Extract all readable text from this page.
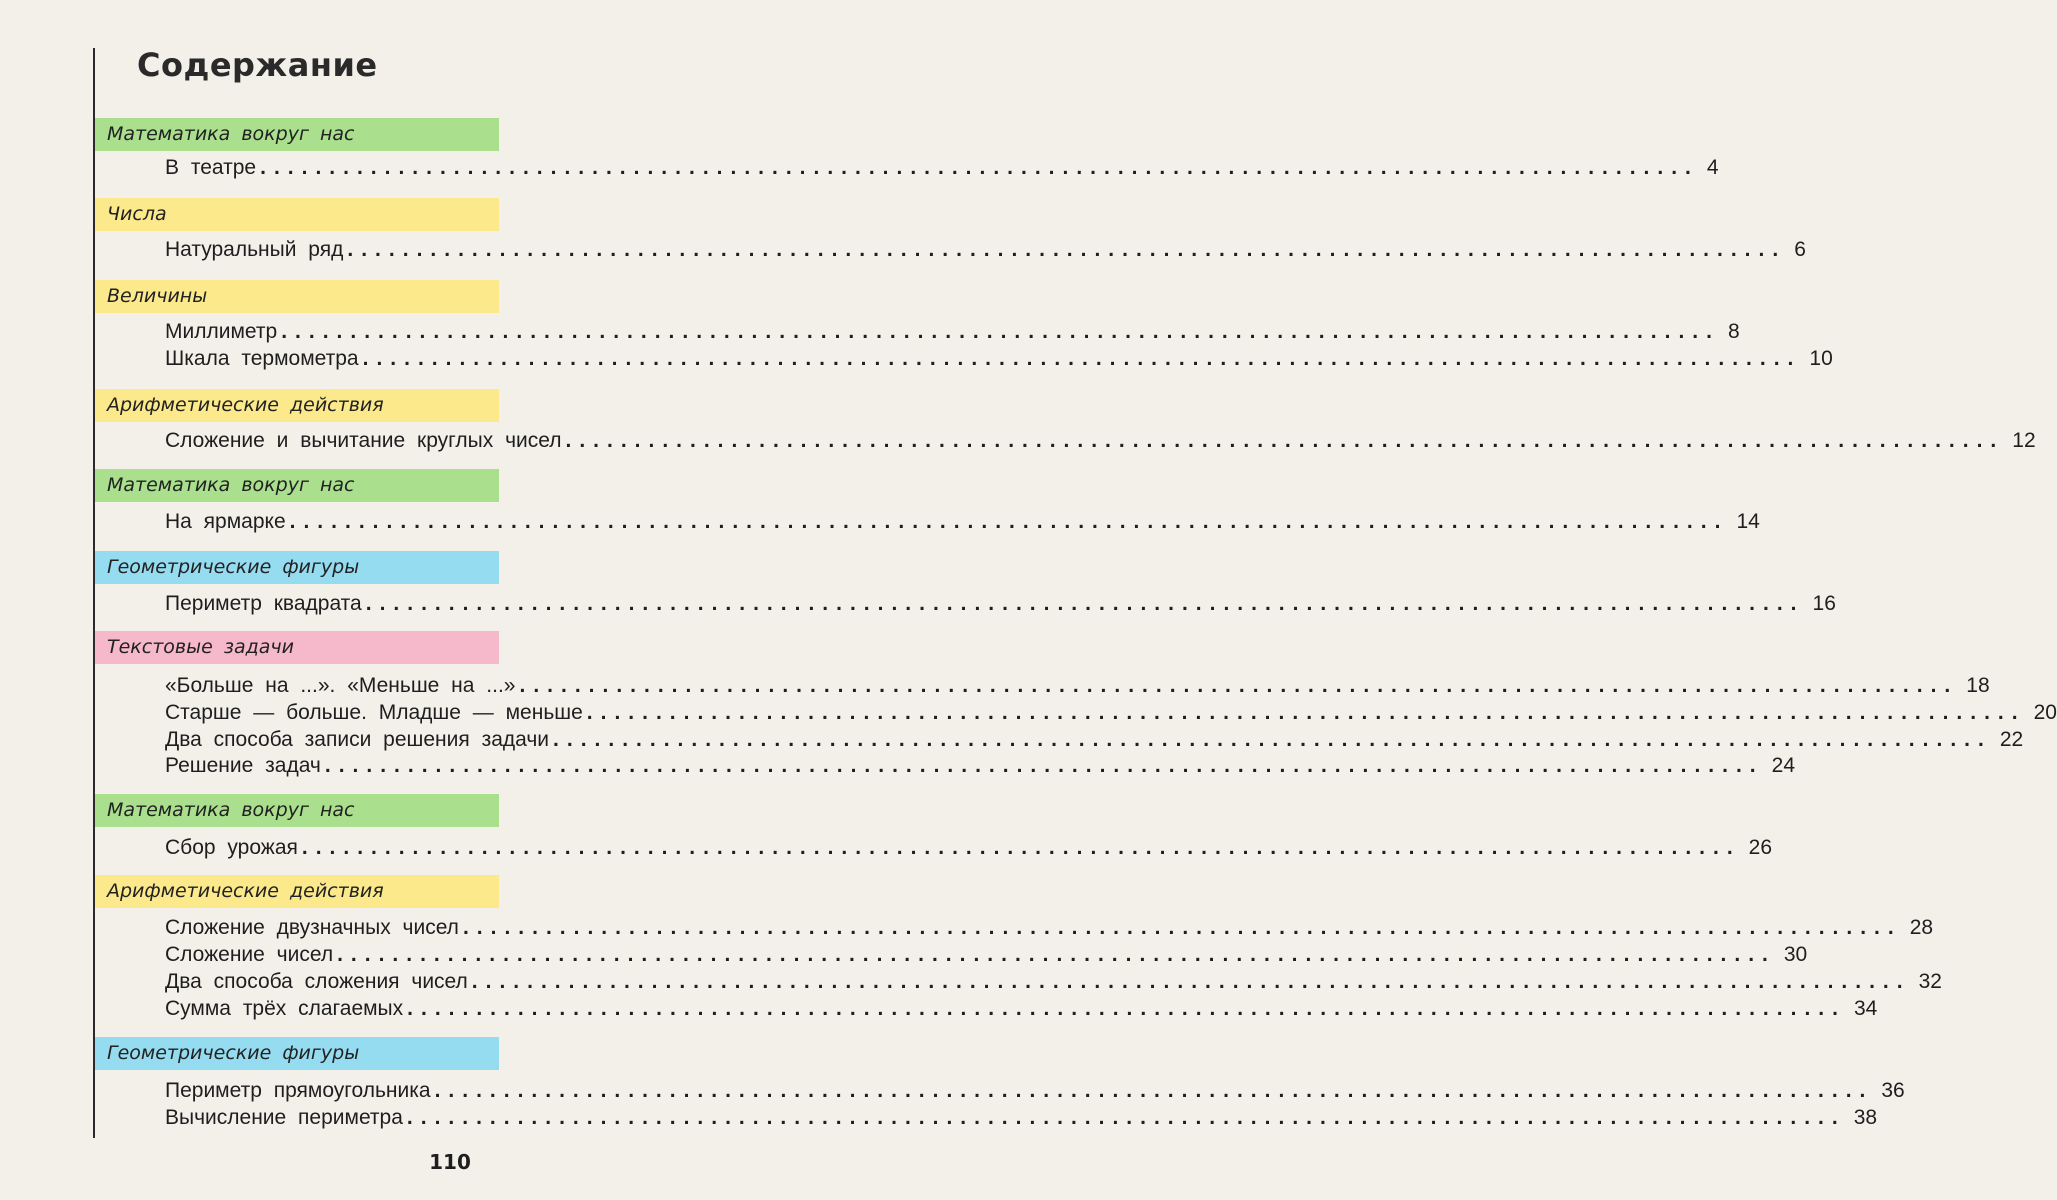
Содержание
Математика вокруг нас
В театре ........................................................................................................ 4
Числа
Натуральный ряд ........................................................................................................ 6
Величины
Миллиметр ........................................................................................................ 8
Шкала термометра ........................................................................................................ 10
Арифметические действия
Сложение и вычитание круглых чисел ........................................................................................................ 12
Математика вокруг нас
На ярмарке ........................................................................................................ 14
Геометрические фигуры
Периметр квадрата ........................................................................................................ 16
Текстовые задачи
«Больше на ...». «Меньше на ...» ........................................................................................................ 18
Старше — больше. Младше — меньше ........................................................................................................ 20
Два способа записи решения задачи ........................................................................................................ 22
Решение задач ........................................................................................................ 24
Математика вокруг нас
Сбор урожая ........................................................................................................ 26
Арифметические действия
Сложение двузначных чисел ........................................................................................................ 28
Сложение чисел ........................................................................................................ 30
Два способа сложения чисел ........................................................................................................ 32
Сумма трёх слагаемых ........................................................................................................ 34
Геометрические фигуры
Периметр прямоугольника ........................................................................................................ 36
Вычисление периметра ........................................................................................................ 38
110
